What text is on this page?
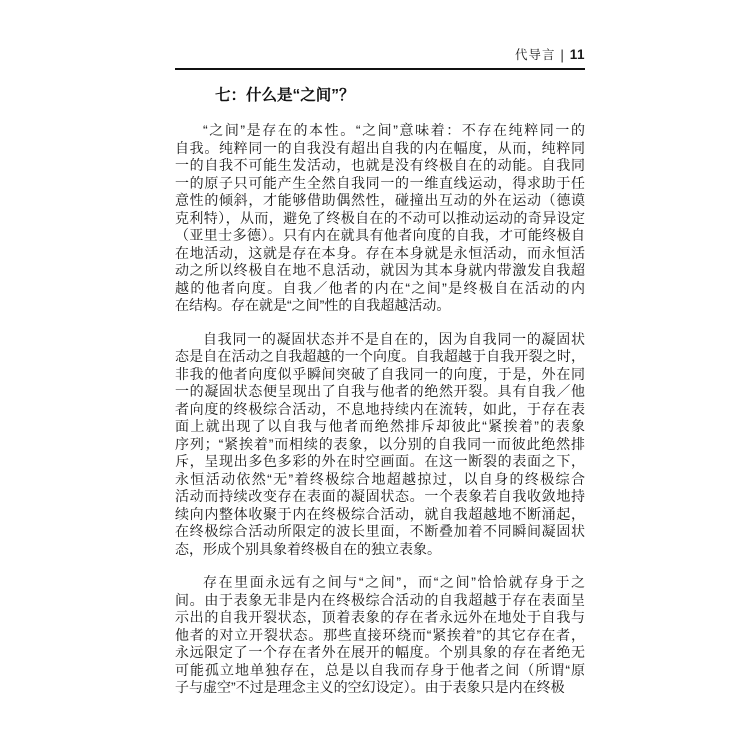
代导言 | 11
七：什么是“之间”？
“之间”是存在的本性。“之间”意味着：不存在纯粹同一的
自我。纯粹同一的自我没有超出自我的内在幅度，从而，纯粹同
一的自我不可能生发活动，也就是没有终极自在的动能。自我同
一的原子只可能产生全然自我同一的一维直线运动，得求助于任
意性的倾斜，才能够借助偶然性，碰撞出互动的外在运动（德谟
克利特），从而，避免了终极自在的不动可以推动运动的奇异设定
（亚里士多德）。只有内在就具有他者向度的自我，才可能终极自
在地活动，这就是存在本身。存在本身就是永恒活动，而永恒活
动之所以终极自在地不息活动，就因为其本身就内带激发自我超
越的他者向度。自我／他者的内在“之间”是终极自在活动的内
在结构。存在就是“之间”性的自我超越活动。
自我同一的凝固状态并不是自在的，因为自我同一的凝固状
态是自在活动之自我超越的一个向度。自我超越于自我开裂之时，
非我的他者向度似乎瞬间突破了自我同一的向度，于是，外在同
一的凝固状态便呈现出了自我与他者的绝然开裂。具有自我／他
者向度的终极综合活动，不息地持续内在流转，如此，于存在表
面上就出现了以自我与他者而绝然排斥却彼此“紧挨着”的表象
序列；“紧挨着”而相续的表象，以分别的自我同一而彼此绝然排
斥，呈现出多色多彩的外在时空画面。在这一断裂的表面之下，
永恒活动依然“无”着终极综合地超越掠过，以自身的终极综合
活动而持续改变存在表面的凝固状态。一个表象若自我收敛地持
续向内整体收聚于内在终极综合活动，就自我超越地不断涌起，
在终极综合活动所限定的波长里面，不断叠加着不同瞬间凝固状
态，形成个别具象着终极自在的独立表象。
存在里面永远有之间与“之间”，而“之间”恰恰就存身于之
间。由于表象无非是内在终极综合活动的自我超越于存在表面呈
示出的自我开裂状态，顶着表象的存在者永远外在地处于自我与
他者的对立开裂状态。那些直接环绕而“紧挨着”的其它存在者，
永远限定了一个存在者外在展开的幅度。个别具象的存在者绝无
可能孤立地单独存在，总是以自我而存身于他者之间（所谓“原
子与虚空”不过是理念主义的空幻设定）。由于表象只是内在终极
